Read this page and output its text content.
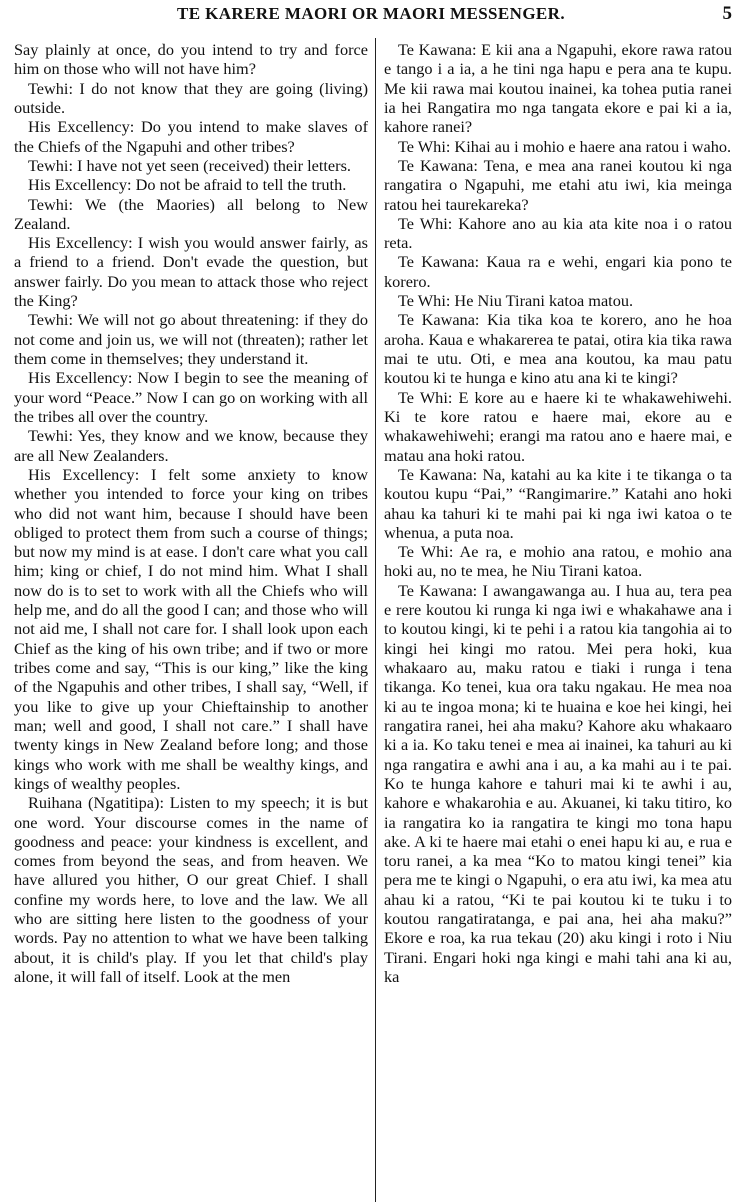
TE KARERE MAORI OR MAORI MESSENGER.	5

Say plainly at once, do you intend to try and force him on those who will not have him?

Tewhi: I do not know that they are going (living) outside.

His Excellency: Do you intend to make slaves of the Chiefs of the Ngapuhi and other tribes?

Tewhi: I have not yet seen (received) their letters.

His Excellency: Do not be afraid to tell the truth.

Tewhi: We (the Maories) all belong to New Zealand.

His Excellency: I wish you would answer fairly, as a friend to a friend. Don't evade the question, but answer fairly. Do you mean to attack those who reject the King?

Tewhi: We will not go about threatening: if they do not come and join us, we will not (threaten); rather let them come in themselves; they understand it.

His Excellency: Now I begin to see the meaning of your word “Peace.” Now I can go on working with all the tribes all over the country.

Tewhi: Yes, they know and we know, because they are all New Zealanders.

His Excellency: I felt some anxiety to know whether you intended to force your king on tribes who did not want him, because I should have been obliged to protect them from such a course of things; but now my mind is at ease. I don't care what you call him; king or chief, I do not mind him. What I shall now do is to set to work with all the Chiefs who will help me, and do all the good I can; and those who will not aid me, I shall not care for. I shall look upon each Chief as the king of his own tribe; and if two or more tribes come and say, “This is our king,” like the king of the Ngapuhis and other tribes, I shall say, “Well, if you like to give up your Chieftainship to another man; well and good, I shall not care.” I shall have twenty kings in New Zealand before long; and those kings who work with me shall be wealthy kings, and kings of wealthy peoples.

Ruihana (Ngatitipa): Listen to my speech; it is but one word. Your discourse comes in the name of goodness and peace: your kindness is excellent, and comes from beyond the seas, and from heaven. We have allured you hither, O our great Chief. I shall confine my words here, to love and the law. We all who are sitting here listen to the goodness of your words. Pay no attention to what we have been talking about, it is child's play. If you let that child's play alone, it will fall of itself. Look at the men

Te Kawana: E kii ana a Ngapuhi, ekore rawa ratou e tango i a ia, a he tini nga hapu e pera ana te kupu. Me kii rawa mai koutou inainei, ka tohea putia ranei ia hei Rangatira mo nga tangata ekore e pai ki a ia, kahore ranei?

Te Whi: Kihai au i mohio e haere ana ratou i waho.

Te Kawana: Tena, e mea ana ranei koutou ki nga rangatira o Ngapuhi, me etahi atu iwi, kia meinga ratou hei taurekareka?

Te Whi: Kahore ano au kia ata kite noa i o ratou reta.

Te Kawana: Kaua ra e wehi, engari kia pono te korero.

Te Whi: He Niu Tirani katoa matou.

Te Kawana: Kia tika koa te korero, ano he hoa aroha. Kaua e whakarerea te patai, otira kia tika rawa mai te utu. Oti, e mea ana koutou, ka mau patu koutou ki te hunga e kino atu ana ki te kingi?

Te Whi: E kore au e haere ki te whakawehiwehi. Ki te kore ratou e haere mai, ekore au e whakawehiwehi; erangi ma ratou ano e haere mai, e matau ana hoki ratou.

Te Kawana: Na, katahi au ka kite i te tikanga o ta koutou kupu “Pai,” “Rangimarire.” Katahi ano hoki ahau ka tahuri ki te mahi pai ki nga iwi katoa o te whenua, a puta noa.

Te Whi: Ae ra, e mohio ana ratou, e mohio ana hoki au, no te mea, he Niu Tirani katoa.

Te Kawana: I awangawanga au. I hua au, tera pea e rere koutou ki runga ki nga iwi e whakahawe ana i to koutou kingi, ki te pehi i a ratou kia tangohia ai to kingi hei kingi mo ratou. Mei pera hoki, kua whakaaro au, maku ratou e tiaki i runga i tena tikanga. Ko tenei, kua ora taku ngakau. He mea noa ki au te ingoa mona; ki te huaina e koe hei kingi, hei rangatira ranei, hei aha maku? Kahore aku whakaaro ki a ia. Ko taku tenei e mea ai inainei, ka tahuri au ki nga rangatira e awhi ana i au, a ka mahi au i te pai. Ko te hunga kahore e tahuri mai ki te awhi i au, kahore e whakarohia e au. Akuanei, ki taku titiro, ko ia rangatira ko ia rangatira te kingi mo tona hapu ake. A ki te haere mai etahi o enei hapu ki au, e rua e toru ranei, a ka mea “Ko to matou kingi tenei” kia pera me te kingi o Ngapuhi, o era atu iwi, ka mea atu ahau ki a ratou, “Ki te pai koutou ki te tuku i to koutou rangatiratanga, e pai ana, hei aha maku?” Ekore e roa, ka rua tekau (20) aku kingi i roto i Niu Tirani. Engari hoki nga kingi e mahi tahi ana ki au, ka
